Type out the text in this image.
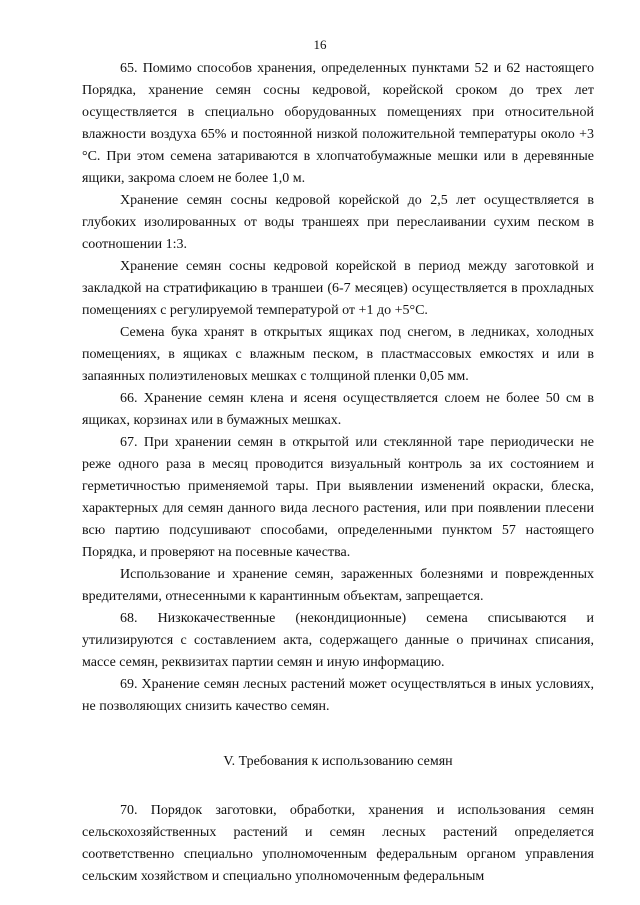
16

65. Помимо способов хранения, определенных пунктами 52 и 62 настоящего Порядка, хранение семян сосны кедровой, корейской сроком до трех лет осуществляется в специально оборудованных помещениях при относительной влажности воздуха 65% и постоянной низкой положительной температуры около +3 °С. При этом семена затариваются в хлопчатобумажные мешки или в деревянные ящики, закрома слоем не более 1,0 м.

Хранение семян сосны кедровой корейской до 2,5 лет осуществляется в глубоких изолированных от воды траншеях при переслаивании сухим песком в соотношении 1:3.

Хранение семян сосны кедровой корейской в период между заготовкой и закладкой на стратификацию в траншеи (6-7 месяцев) осуществляется в прохладных помещениях с регулируемой температурой от +1 до +5°С.

Семена бука хранят в открытых ящиках под снегом, в ледниках, холодных помещениях, в ящиках с влажным песком, в пластмассовых емкостях и или в запаянных полиэтиленовых мешках с толщиной пленки 0,05 мм.

66. Хранение семян клена и ясеня осуществляется слоем не более 50 см в ящиках, корзинах или в бумажных мешках.

67. При хранении семян в открытой или стеклянной таре периодически не реже одного раза в месяц проводится визуальный контроль за их состоянием и герметичностью применяемой тары. При выявлении изменений окраски, блеска, характерных для семян данного вида лесного растения, или при появлении плесени всю партию подсушивают способами, определенными пунктом 57 настоящего Порядка, и проверяют на посевные качества.

Использование и хранение семян, зараженных болезнями и поврежденных вредителями, отнесенными к карантинным объектам, запрещается.

68. Низкокачественные (некондиционные) семена списываются и утилизируются с составлением акта, содержащего данные о причинах списания, массе семян, реквизитах партии семян и иную информацию.

69. Хранение семян лесных растений может осуществляться в иных условиях, не позволяющих снизить качество семян.

V. Требования к использованию семян

70. Порядок заготовки, обработки, хранения и использования семян сельскохозяйственных растений и семян лесных растений определяется соответственно специально уполномоченным федеральным органом управления сельским хозяйством и специально уполномоченным федеральным
